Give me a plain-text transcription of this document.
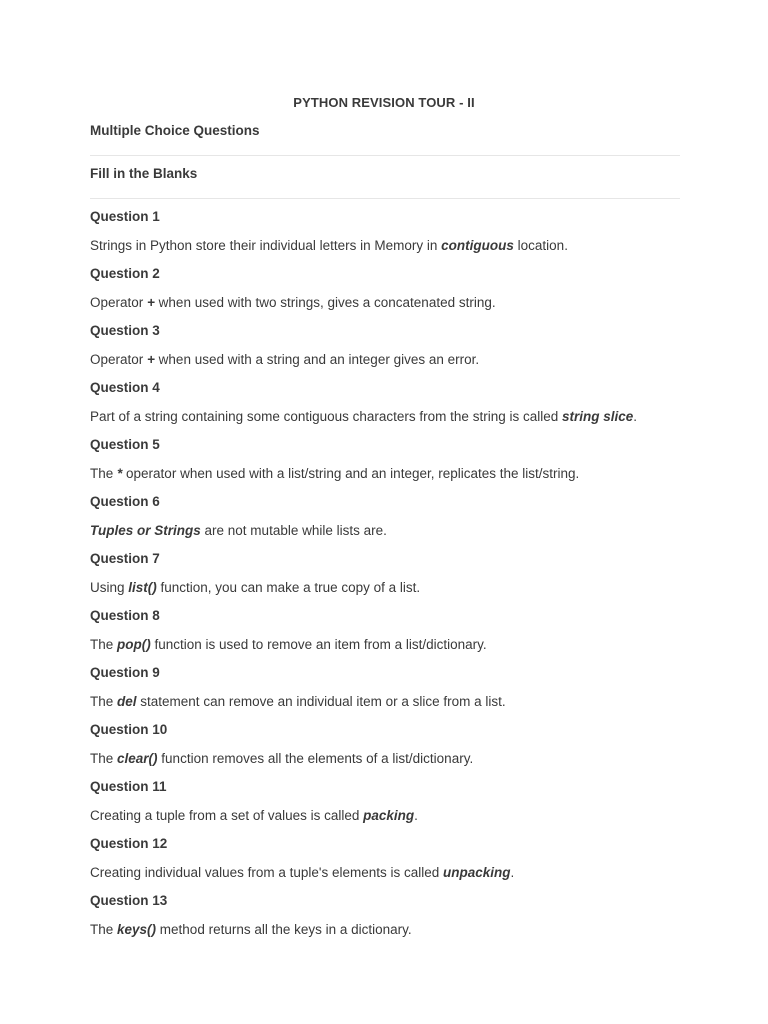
PYTHON REVISION TOUR - II
Multiple Choice Questions
Fill in the Blanks
Question 1
Strings in Python store their individual letters in Memory in contiguous location.
Question 2
Operator + when used with two strings, gives a concatenated string.
Question 3
Operator + when used with a string and an integer gives an error.
Question 4
Part of a string containing some contiguous characters from the string is called string slice.
Question 5
The * operator when used with a list/string and an integer, replicates the list/string.
Question 6
Tuples or Strings are not mutable while lists are.
Question 7
Using list() function, you can make a true copy of a list.
Question 8
The pop() function is used to remove an item from a list/dictionary.
Question 9
The del statement can remove an individual item or a slice from a list.
Question 10
The clear() function removes all the elements of a list/dictionary.
Question 11
Creating a tuple from a set of values is called packing.
Question 12
Creating individual values from a tuple's elements is called unpacking.
Question 13
The keys() method returns all the keys in a dictionary.
